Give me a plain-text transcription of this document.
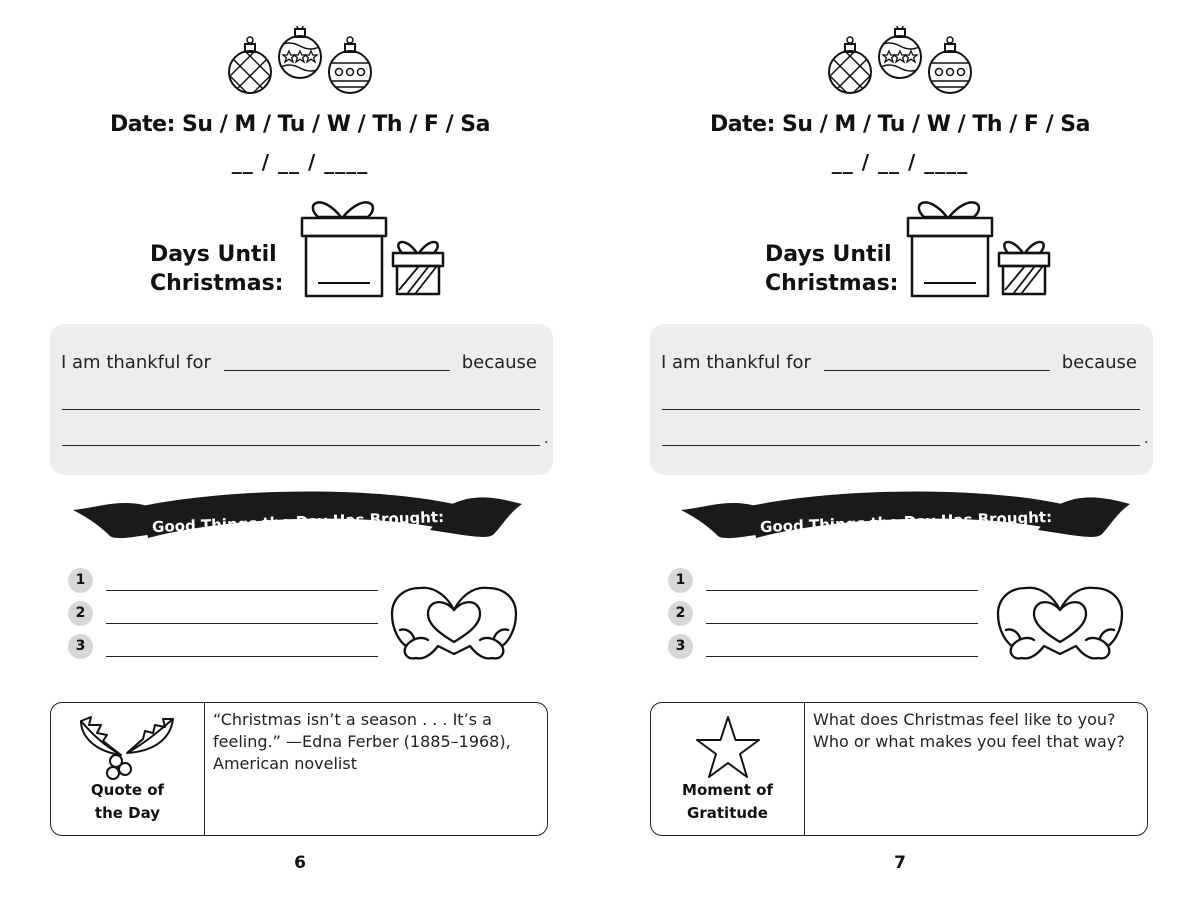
Date: Su / M / Tu / W / Th / F / Sa
__ / __ / ____
Days Until
Christmas:
I am thankful for	because
.
Good Things the Day Has Brought:
1
2
3
Quote of
the Day
“Christmas isn’t a season . . . It’s a feeling.” —Edna Ferber (1885–1968), American novelist
6
Date: Su / M / Tu / W / Th / F / Sa
__ / __ / ____
Days Until
Christmas:
I am thankful for	because
.
Good Things the Day Has Brought:
1
2
3
Moment of
Gratitude
What does Christmas feel like to you? Who or what makes you feel that way?
7
